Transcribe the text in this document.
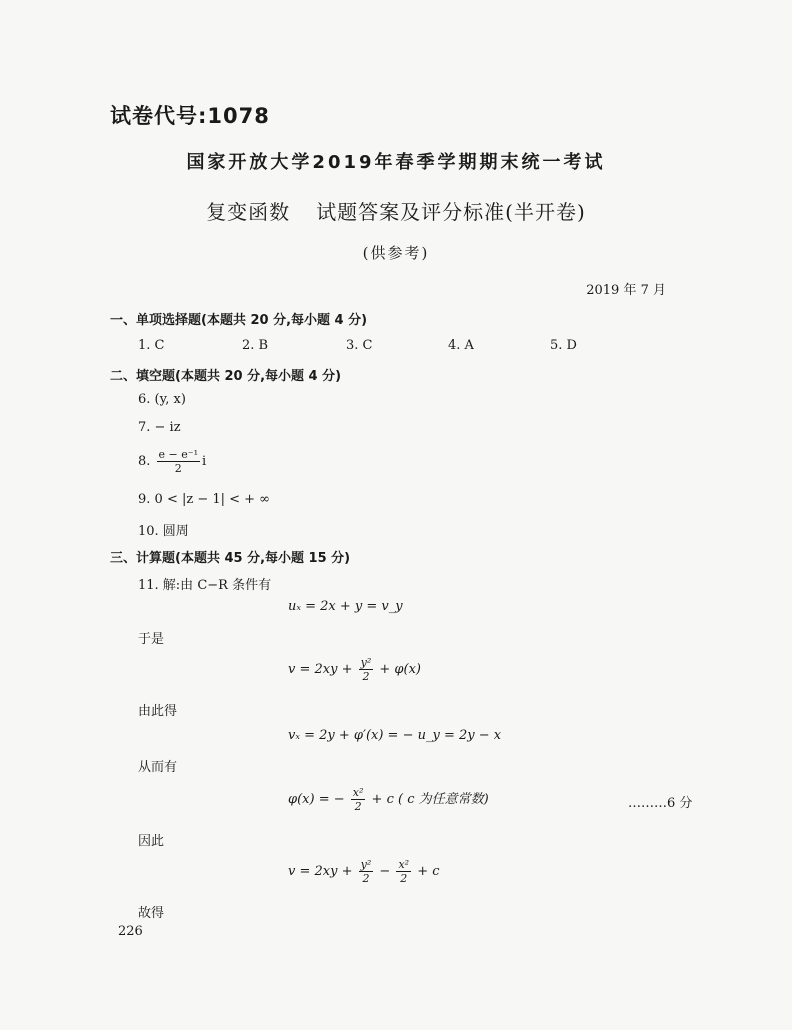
试卷代号:1078
国家开放大学2019年春季学期期末统一考试
复变函数 试题答案及评分标准(半开卷)
(供参考)
2019 年 7 月
一、单项选择题(本题共 20 分,每小题 4 分)
1. C	2. B	3. C	4. A	5. D
二、填空题(本题共 20 分,每小题 4 分)
6. (y, x)
7. − iz
8. $\frac{\text{e − e⁻¹}}{2}$ i
9. 0 < |z − 1| < + ∞
10. 圆周
三、计算题(本题共 45 分,每小题 15 分)
11. 解:由 C−R 条件有
uₓ = 2x + y = v_y
于是
$v = 2xy + \frac{\text{y²}}{2} + \varphi(x)$
由此得
vₓ = 2y + φ′(x) = − u_y = 2y − x
从而有
φ(x) = − $\frac{\text{x²}}{2} + c$ ( c 为任意常数)	………6 分
因此
$v = 2xy + \frac{\text{y²}}{2} - \frac{\text{x²}}{2} + c$
故得
226
